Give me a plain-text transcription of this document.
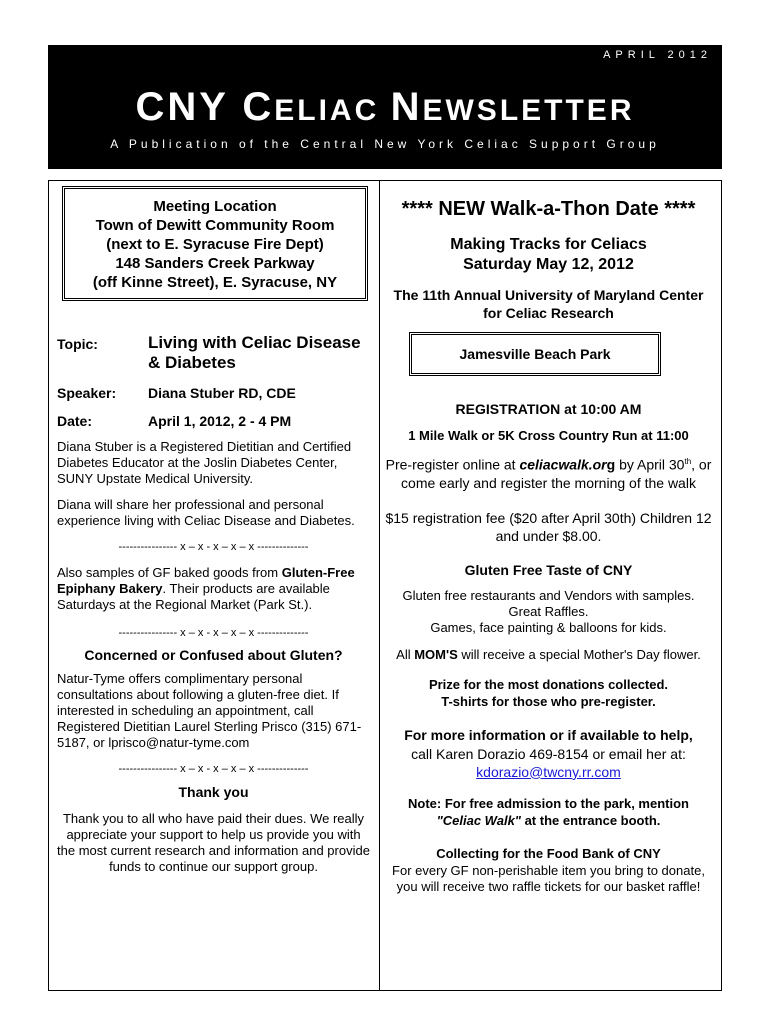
APRIL 2012
CNY CELIAC NEWSLETTER
A Publication of the Central New York Celiac Support Group
Meeting Location
Town of Dewitt Community Room
(next to E. Syracuse Fire Dept)
148 Sanders Creek Parkway
(off Kinne Street), E. Syracuse, NY
Topic:	Living with Celiac Disease & Diabetes
Speaker:	Diana Stuber RD, CDE
Date:	April 1, 2012, 2 - 4 PM

Diana Stuber is a Registered Dietitian and Certified Diabetes Educator at the Joslin Diabetes Center, SUNY Upstate Medical University.

Diana will share her professional and personal experience living with Celiac Disease and Diabetes.

---------------- x – x - x – x – x --------------

Also samples of GF baked goods from Gluten-Free Epiphany Bakery. Their products are available Saturdays at the Regional Market (Park St.).

---------------- x – x - x – x – x --------------
Concerned or Confused about Gluten?

Natur-Tyme offers complimentary personal consultations about following a gluten-free diet. If interested in scheduling an appointment, call Registered Dietitian Laurel Sterling Prisco (315) 671-5187, or lprisco@natur-tyme.com

---------------- x – x - x – x – x --------------
Thank you

Thank you to all who have paid their dues. We really appreciate your support to help us provide you with the most current research and information and provide funds to continue our support group.

**** NEW Walk-a-Thon Date ****
Making Tracks for Celiacs
Saturday May 12, 2012
The 11th Annual University of Maryland Center for Celiac Research
Jamesville Beach Park
REGISTRATION at 10:00 AM
1 Mile Walk or 5K Cross Country Run at 11:00

Pre-register online at celiacwalk.org by April 30th, or come early and register the morning of the walk

$15 registration fee ($20 after April 30th) Children 12 and under $8.00.

Gluten Free Taste of CNY

Gluten free restaurants and Vendors with samples. Great Raffles.

Games, face painting & balloons for kids.

All MOM'S will receive a special Mother's Day flower.

Prize for the most donations collected.
T-shirts for those who pre-register.
For more information or if available to help,
call Karen Dorazio 469-8154 or email her at:
kdorazio@twcny.rr.com

Note: For free admission to the park, mention "Celiac Walk" at the entrance booth.

Collecting for the Food Bank of CNY

For every GF non-perishable item you bring to donate, you will receive two raffle tickets for our basket raffle!
